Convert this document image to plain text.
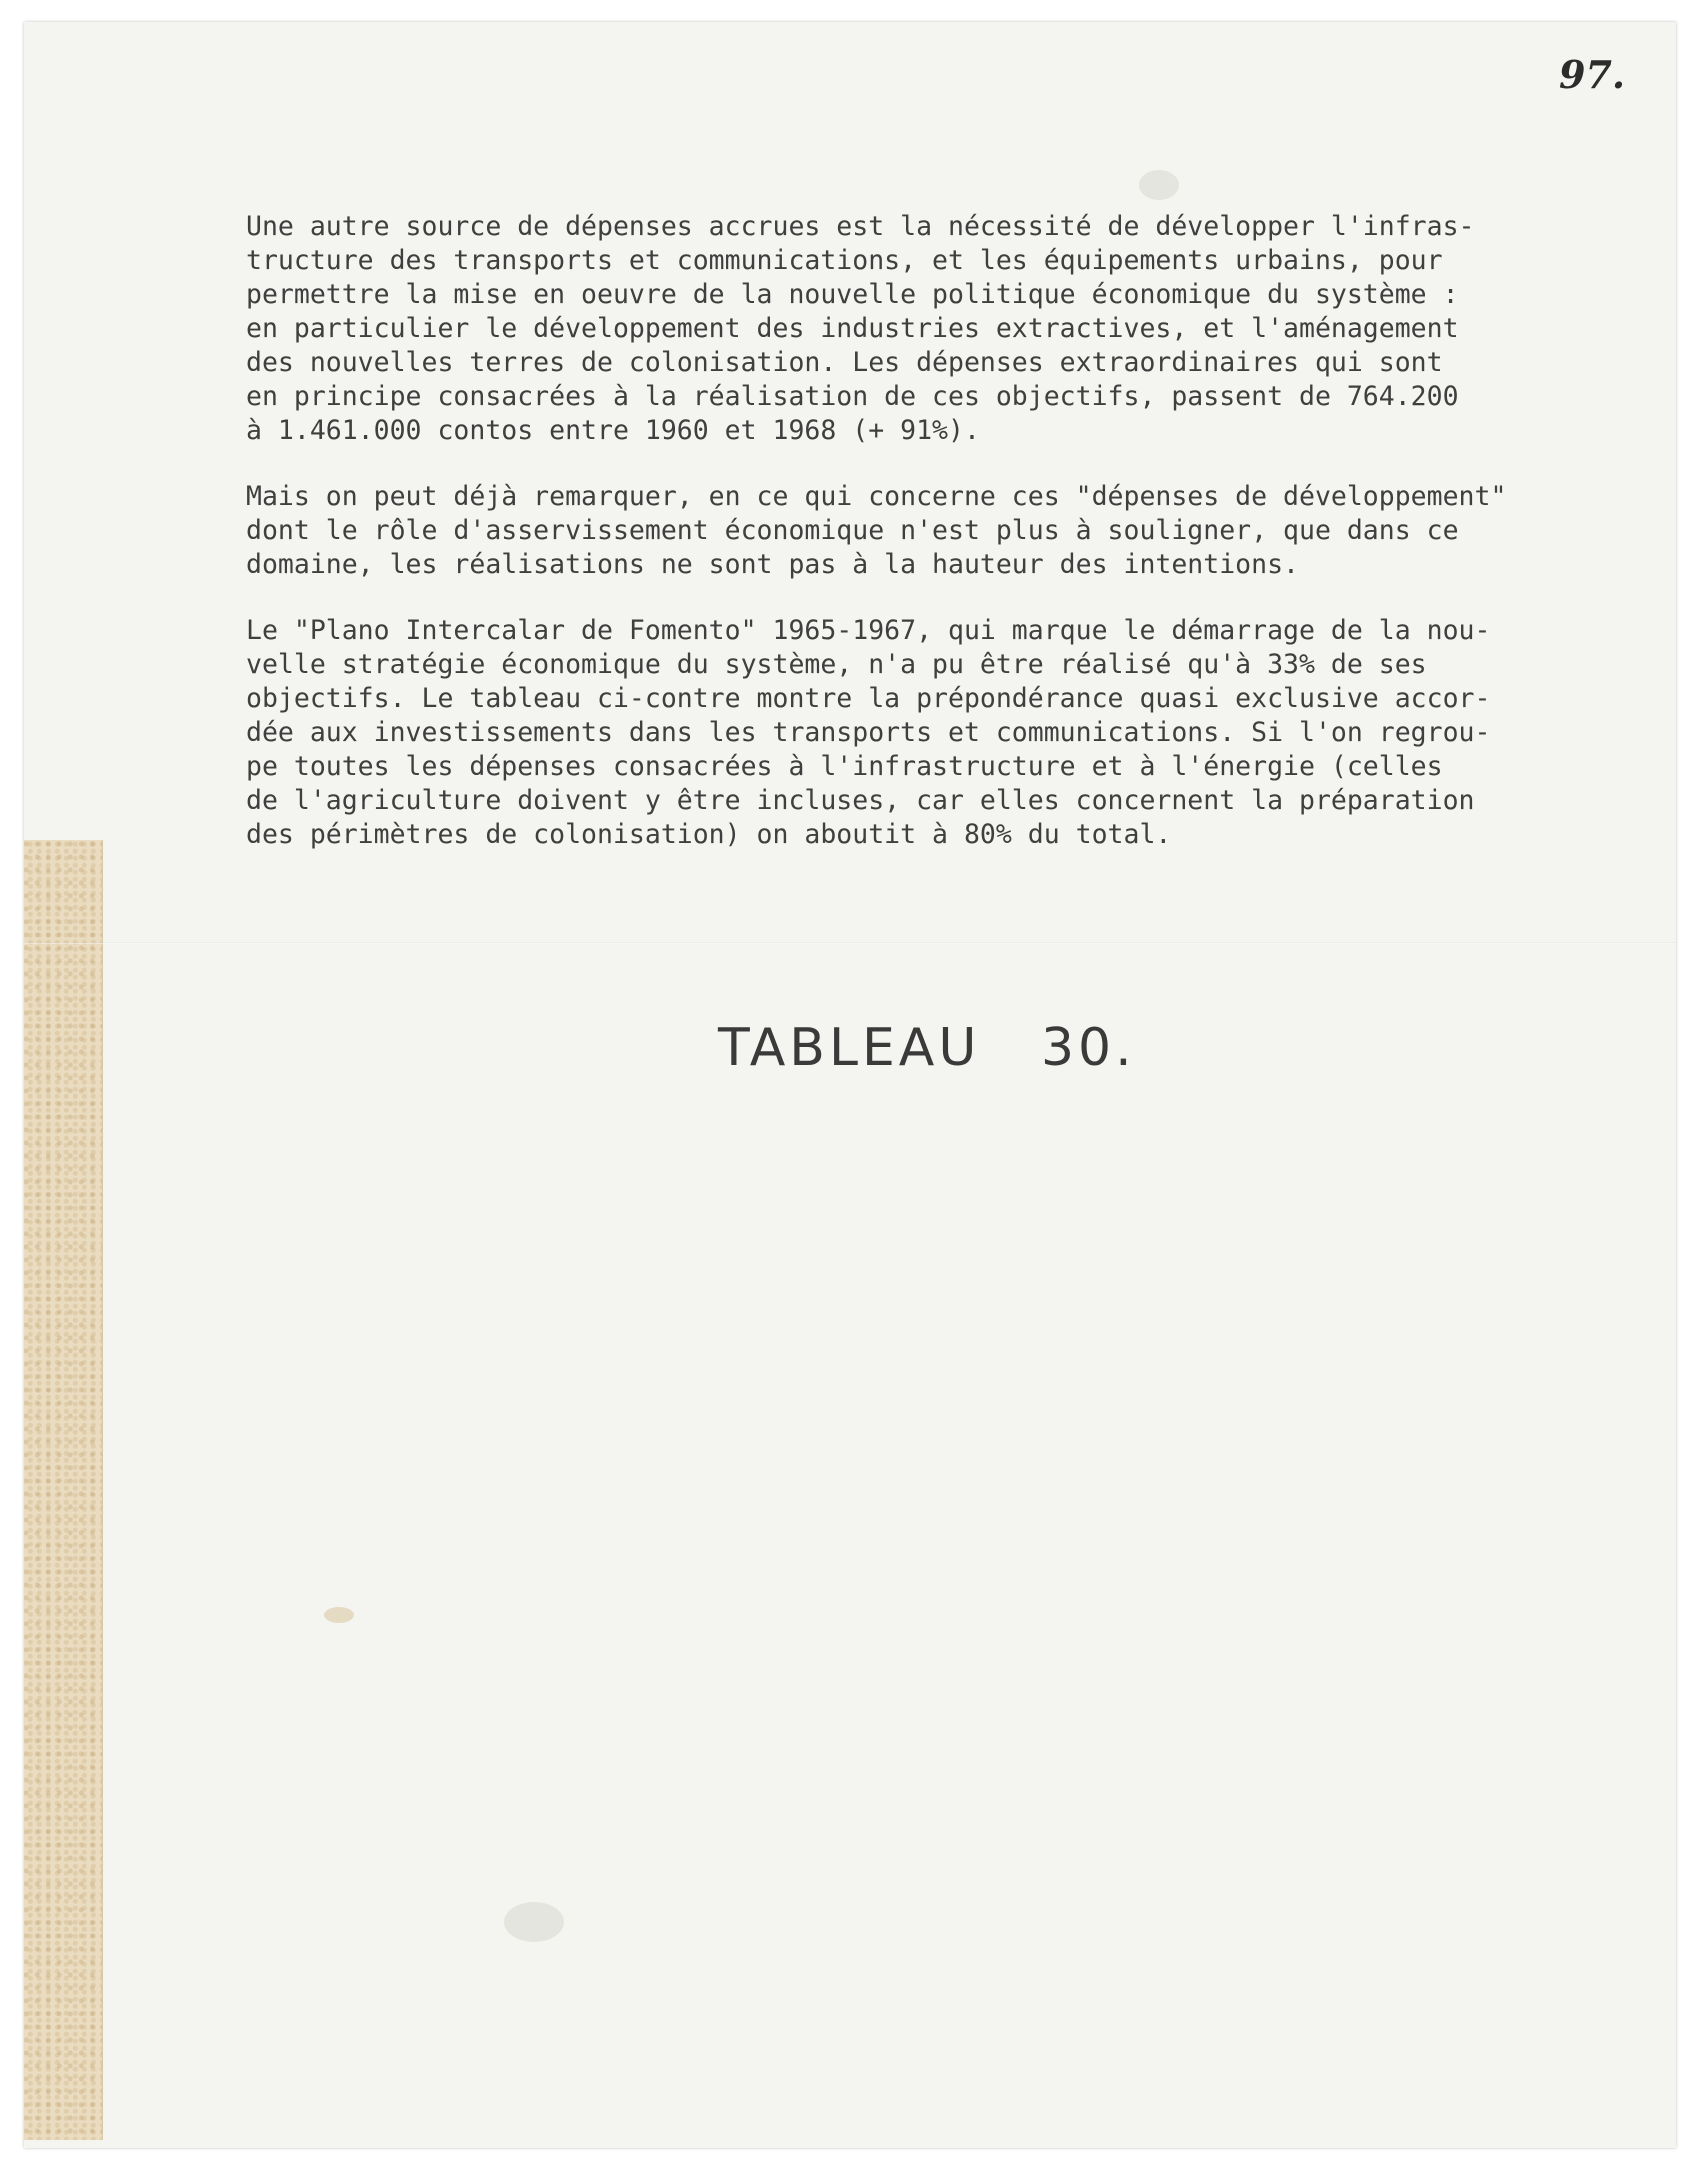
97.
Une autre source de dépenses accrues est la nécessité de développer l'infras-
tructure des transports et communications, et les équipements urbains, pour
permettre la mise en oeuvre de la nouvelle politique économique du système :
en particulier le développement des industries extractives, et l'aménagement
des nouvelles terres de colonisation. Les dépenses extraordinaires qui sont
en principe consacrées à la réalisation de ces objectifs, passent de 764.200
à 1.461.000 contos entre 1960 et 1968 (+ 91%).
Mais on peut déjà remarquer, en ce qui concerne ces "dépenses de développement"
dont le rôle d'asservissement économique n'est plus à souligner, que dans ce
domaine, les réalisations ne sont pas à la hauteur des intentions.
Le "Plano Intercalar de Fomento" 1965-1967, qui marque le démarrage de la nou-
velle stratégie économique du système, n'a pu être réalisé qu'à 33% de ses
objectifs. Le tableau ci-contre montre la prépondérance quasi exclusive accor-
dée aux investissements dans les transports et communications. Si l'on regrou-
pe toutes les dépenses consacrées à l'infrastructure et à l'énergie (celles
de l'agriculture doivent y être incluses, car elles concernent la préparation
des périmètres de colonisation) on aboutit à 80% du total.
TABLEAU 30.
